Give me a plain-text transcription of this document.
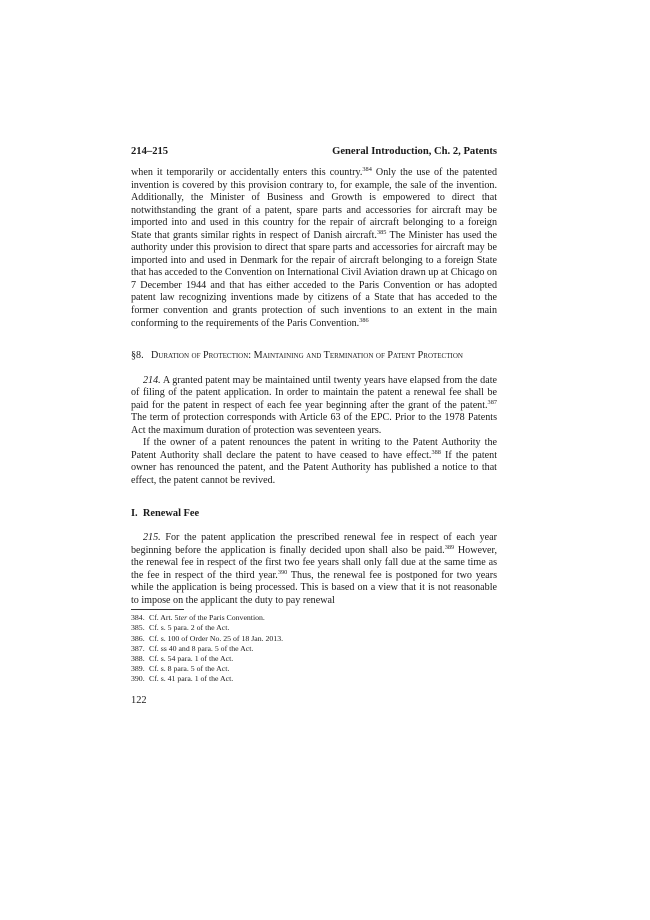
214–215	General Introduction, Ch. 2, Patents

when it temporarily or accidentally enters this country.$^{384}$ Only the use of the patented invention is covered by this provision contrary to, for example, the sale of the invention. Additionally, the Minister of Business and Growth is empowered to direct that notwithstanding the grant of a patent, spare parts and accessories for aircraft may be imported into and used in this country for the repair of aircraft belonging to a foreign State that grants similar rights in respect of Danish aircraft.$^{385}$ The Minister has used the authority under this provision to direct that spare parts and accessories for aircraft may be imported into and used in Denmark for the repair of aircraft belonging to a foreign State that has acceded to the Convention on International Civil Aviation drawn up at Chicago on 7 December 1944 and that has either acceded to the Paris Convention or has adopted patent law recognizing inventions made by citizens of a State that has acceded to the former convention and grants protection of such inventions to an extent in the main conforming to the requirements of the Paris Convention.$^{386}$

§8. Duration of Protection: Maintaining and Termination of Patent Protection

214. A granted patent may be maintained until twenty years have elapsed from the date of filing of the patent application. In order to maintain the patent a renewal fee shall be paid for the patent in respect of each fee year beginning after the grant of the patent.$^{387}$ The term of protection corresponds with Article 63 of the EPC. Prior to the 1978 Patents Act the maximum duration of protection was seventeen years.

If the owner of a patent renounces the patent in writing to the Patent Authority the Patent Authority shall declare the patent to have ceased to have effect.$^{388}$ If the patent owner has renounced the patent, and the Patent Authority has published a notice to that effect, the patent cannot be revived.

I. Renewal Fee

215. For the patent application the prescribed renewal fee in respect of each year beginning before the application is finally decided upon shall also be paid.$^{389}$ However, the renewal fee in respect of the first two fee years shall only fall due at the same time as the fee in respect of the third year.$^{390}$ Thus, the renewal fee is postponed for two years while the application is being processed. This is based on a view that it is not reasonable to impose on the applicant the duty to pay renewal

384. Cf. Art. 5ter of the Paris Convention.
385. Cf. s. 5 para. 2 of the Act.
386. Cf. s. 100 of Order No. 25 of 18 Jan. 2013.
387. Cf. ss 40 and 8 para. 5 of the Act.
388. Cf. s. 54 para. 1 of the Act.
389. Cf. s. 8 para. 5 of the Act.
390. Cf. s. 41 para. 1 of the Act.
122
